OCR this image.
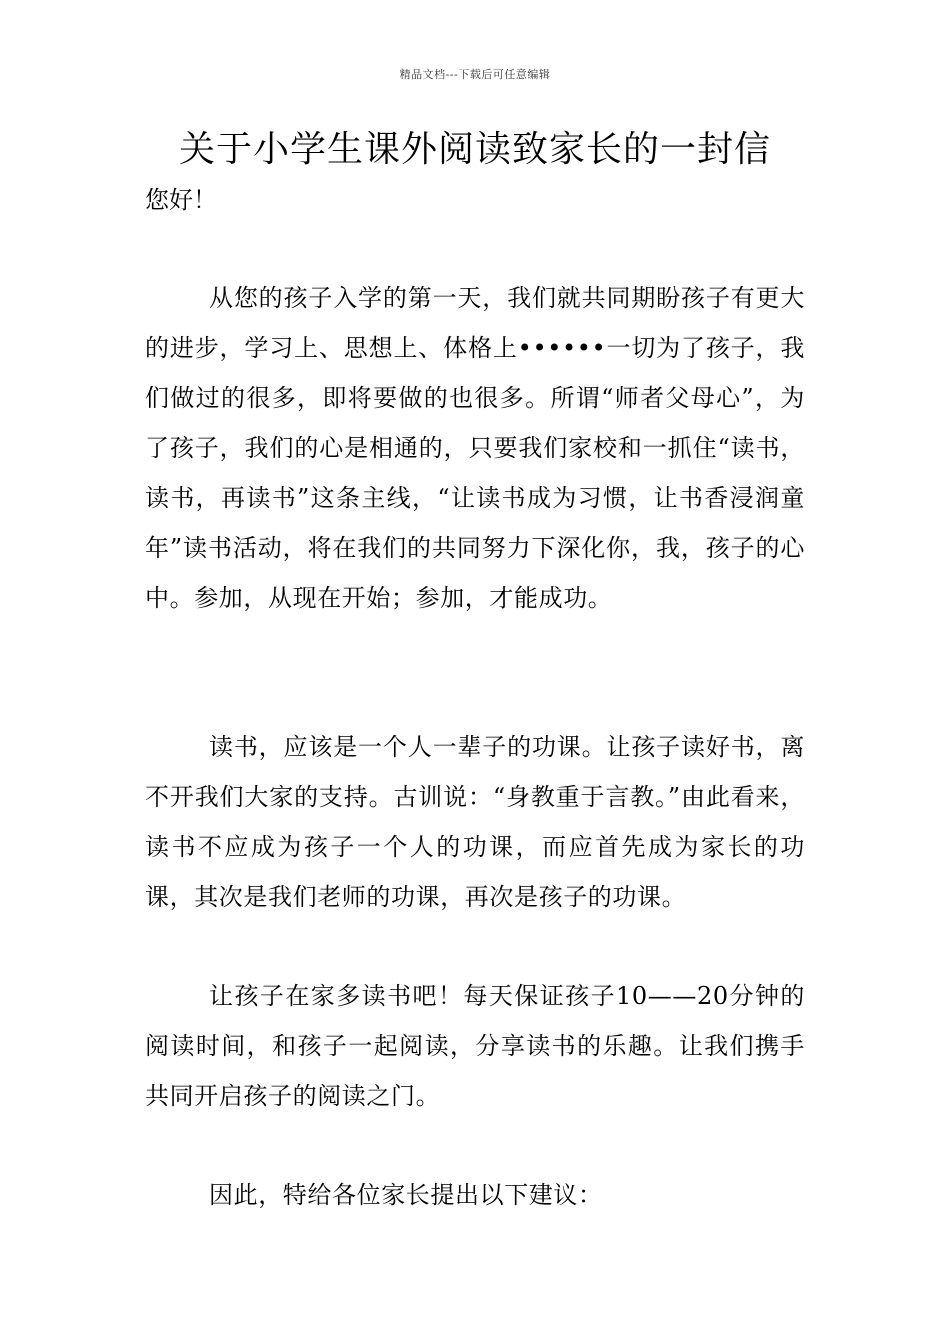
精品文档---下载后可任意编辑
关于小学生课外阅读致家长的一封信
您好！

从您的孩子入学的第一天，我们就共同期盼孩子有更大的进步，学习上、思想上、体格上••••••一切为了孩子，我们做过的很多，即将要做的也很多。所谓“师者父母心”，为了孩子，我们的心是相通的，只要我们家校和一抓住“读书，读书，再读书”这条主线，“让读书成为习惯，让书香浸润童年”读书活动，将在我们的共同努力下深化你，我，孩子的心中。参加，从现在开始；参加，才能成功。

读书，应该是一个人一辈子的功课。让孩子读好书，离不开我们大家的支持。古训说：“身教重于言教。”由此看来，读书不应成为孩子一个人的功课，而应首先成为家长的功课，其次是我们老师的功课，再次是孩子的功课。

让孩子在家多读书吧！每天保证孩子10——20分钟的阅读时间，和孩子一起阅读，分享读书的乐趣。让我们携手共同开启孩子的阅读之门。

因此，特给各位家长提出以下建议：
